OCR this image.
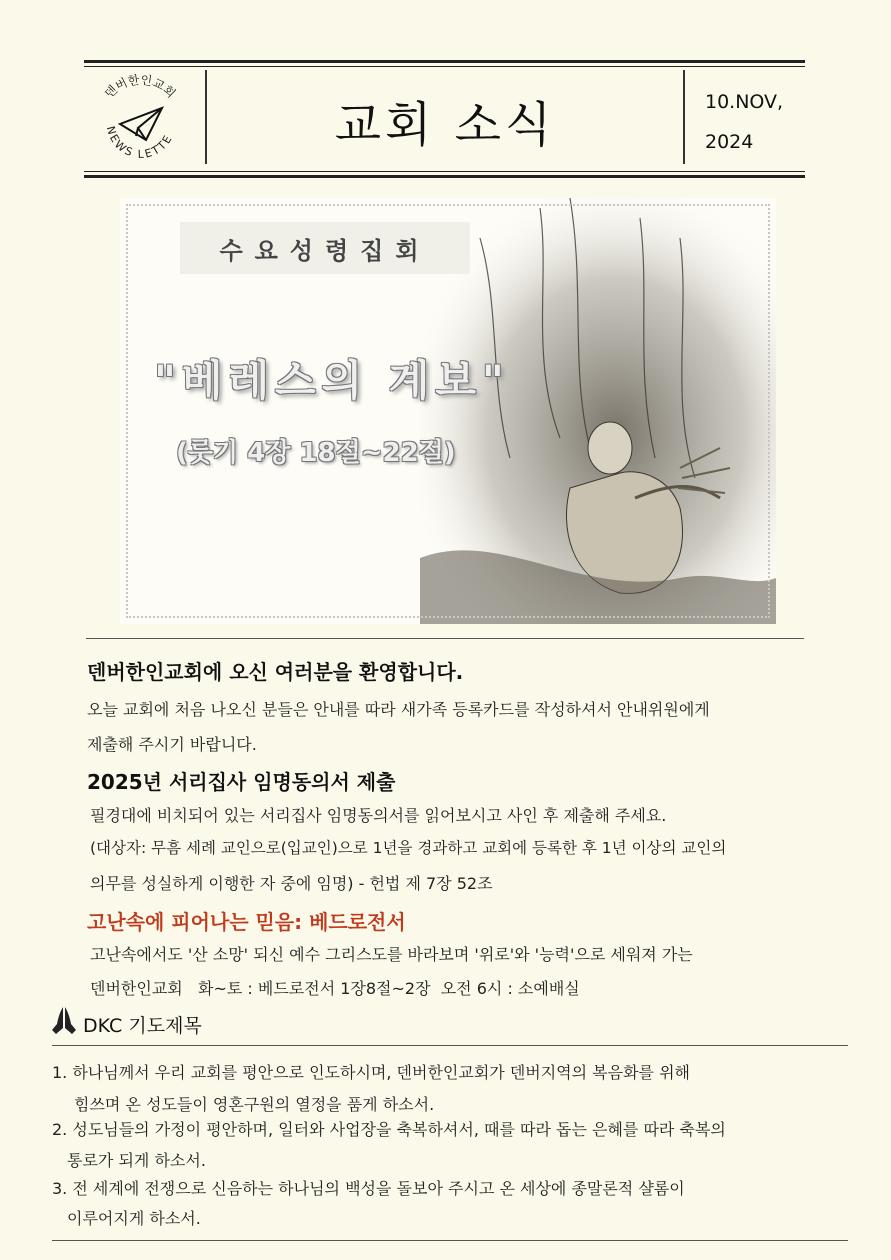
덴버한인교회
NEWS LETTE	교회 소식	10.NOV,
2024
수요성령집회
"베레스의 계보"
(룻기 4장 18절~22절)
덴버한인교회에 오신 여러분을 환영합니다.
오늘 교회에 처음 나오신 분들은 안내를 따라 새가족 등록카드를 작성하셔서 안내위원에게
제출해 주시기 바랍니다.
2025년 서리집사 임명동의서 제출
필경대에 비치되어 있는 서리집사 임명동의서를 읽어보시고 사인 후 제출해 주세요.
(대상자: 무흠 세례 교인으로(입교인)으로 1년을 경과하고 교회에 등록한 후 1년 이상의 교인의
의무를 성실하게 이행한 자 중에 임명) - 헌법 제 7장 52조
고난속에 피어나는 믿음: 베드로전서
고난속에서도 '산 소망' 되신 예수 그리스도를 바라보며 '위로'와 '능력'으로 세워져 가는
덴버한인교회   화~토 : 베드로전서 1장8절~2장  오전 6시 : 소예배실
DKC 기도제목
1. 하나님께서 우리 교회를 평안으로 인도하시며, 덴버한인교회가 덴버지역의 복음화를 위해
힘쓰며 온 성도들이 영혼구원의 열정을 품게 하소서.
2. 성도님들의 가정이 평안하며, 일터와 사업장을 축복하셔서, 때를 따라 돕는 은혜를 따라 축복의
통로가 되게 하소서.
3. 전 세계에 전쟁으로 신음하는 하나님의 백성을 돌보아 주시고 온 세상에 종말론적 샬롬이
이루어지게 하소서.
